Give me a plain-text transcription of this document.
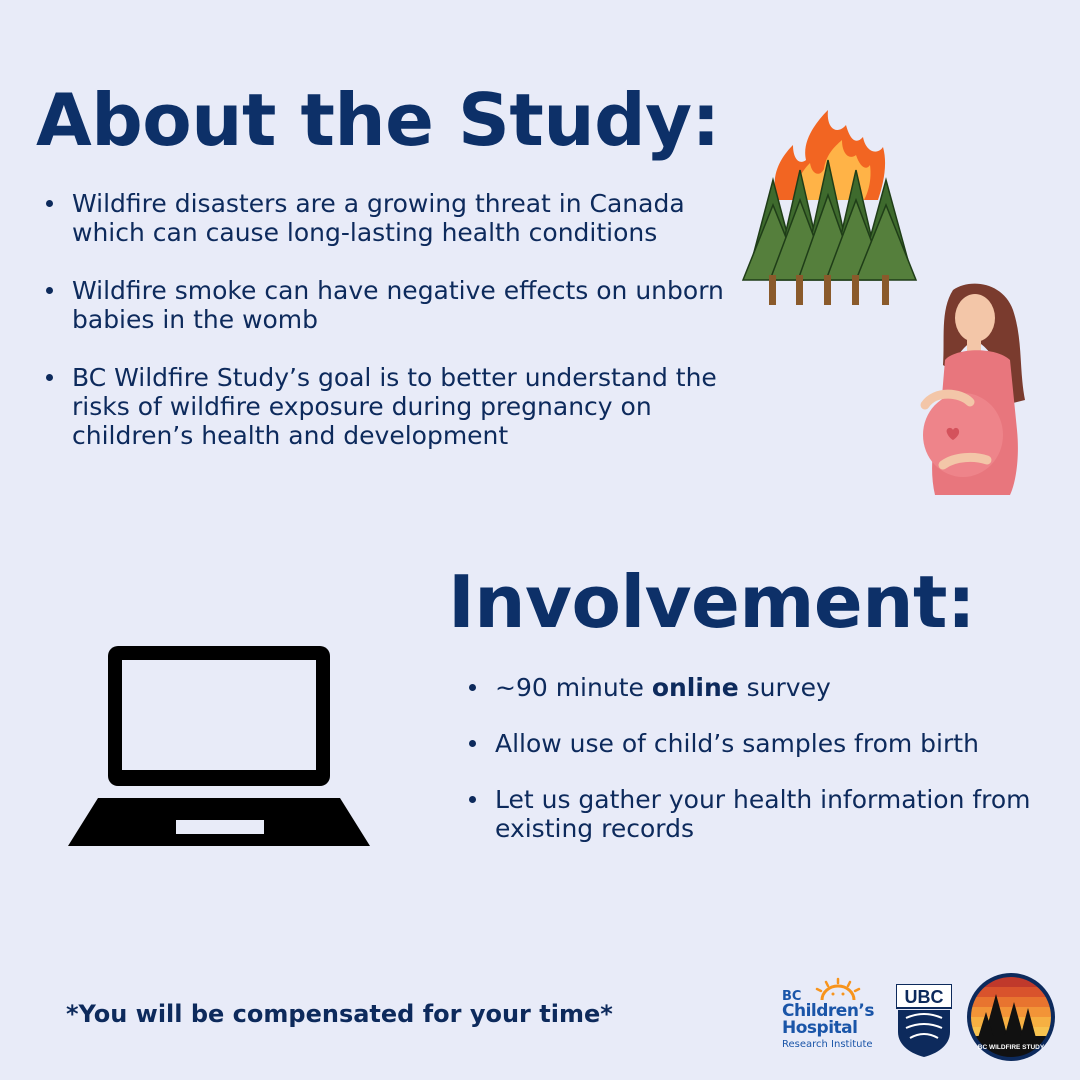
About the Study:
Wildfire disasters are a growing threat in Canada which can cause long-lasting health conditions
Wildfire smoke can have negative effects on unborn babies in the womb
BC Wildfire Study’s goal is to better understand the risks of wildfire exposure during pregnancy on children’s health and development
Involvement:
~90 minute online survey
Allow use of child’s samples from birth
Let us gather your health information from existing records

*You will be compensated for your time*

BC
Children’s
Hospital
Research Institute
UBC
BC WILDFIRE STUDY
